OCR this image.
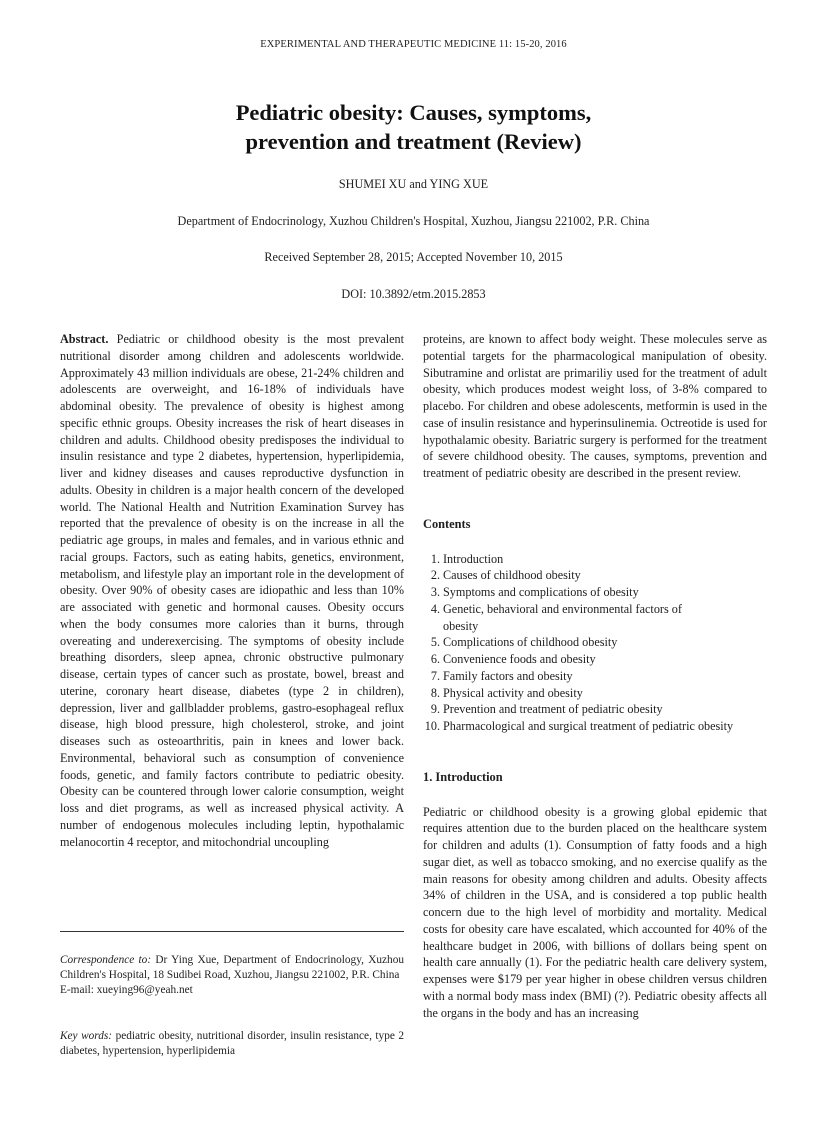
EXPERIMENTAL AND THERAPEUTIC MEDICINE 11: 15-20, 2016
Pediatric obesity: Causes, symptoms,
prevention and treatment (Review)
SHUMEI XU and YING XUE
Department of Endocrinology, Xuzhou Children's Hospital, Xuzhou, Jiangsu 221002, P.R. China
Received September 28, 2015; Accepted November 10, 2015
DOI: 10.3892/etm.2015.2853

Abstract. Pediatric or childhood obesity is the most prevalent nutritional disorder among children and adolescents worldwide. Approximately 43 million individuals are obese, 21-24% children and adolescents are overweight, and 16-18% of individuals have abdominal obesity. The prevalence of obesity is highest among specific ethnic groups. Obesity increases the risk of heart diseases in children and adults. Childhood obesity predisposes the individual to insulin resistance and type 2 diabetes, hypertension, hyperlipidemia, liver and kidney diseases and causes reproductive dysfunction in adults. Obesity in children is a major health concern of the developed world. The National Health and Nutrition Examination Survey has reported that the prevalence of obesity is on the increase in all the pediatric age groups, in males and females, and in various ethnic and racial groups. Factors, such as eating habits, genetics, environment, metabolism, and lifestyle play an important role in the development of obesity. Over 90% of obesity cases are idiopathic and less than 10% are associated with genetic and hormonal causes. Obesity occurs when the body consumes more calories than it burns, through overeating and underexercising. The symptoms of obesity include breathing disorders, sleep apnea, chronic obstructive pulmonary disease, certain types of cancer such as prostate, bowel, breast and uterine, coronary heart disease, diabetes (type 2 in children), depression, liver and gallbladder problems, gastro-esophageal reflux disease, high blood pressure, high cholesterol, stroke, and joint diseases such as osteoarthritis, pain in knees and lower back. Environmental, behavioral such as consumption of convenience foods, genetic, and family factors contribute to pediatric obesity. Obesity can be countered through lower calorie consumption, weight loss and diet programs, as well as increased physical activity. A number of endogenous molecules including leptin, hypothalamic melanocortin 4 receptor, and mitochondrial uncoupling

Correspondence to: Dr Ying Xue, Department of Endocrinology, Xuzhou Children's Hospital, 18 Sudibei Road, Xuzhou, Jiangsu 221002, P.R. China
E-mail: xueying96@yeah.net
Key words: pediatric obesity, nutritional disorder, insulin resistance, type 2 diabetes, hypertension, hyperlipidemia

proteins, are known to affect body weight. These molecules serve as potential targets for the pharmacological manipulation of obesity. Sibutramine and orlistat are primariliy used for the treatment of adult obesity, which produces modest weight loss, of 3-8% compared to placebo. For children and obese adolescents, metformin is used in the case of insulin resistance and hyperinsulinemia. Octreotide is used for hypothalamic obesity. Bariatric surgery is performed for the treatment of severe childhood obesity. The causes, symptoms, prevention and treatment of pediatric obesity are described in the present review.

Contents

1. Introduction
2. Causes of childhood obesity
3. Symptoms and complications of obesity
4. Genetic, behavioral and environmental factors of obesity
5. Complications of childhood obesity
6. Convenience foods and obesity
7. Family factors and obesity
8. Physical activity and obesity
9. Prevention and treatment of pediatric obesity
10. Pharmacological and surgical treatment of pediatric obesity

1. Introduction

Pediatric or childhood obesity is a growing global epidemic that requires attention due to the burden placed on the healthcare system for children and adults (1). Consumption of fatty foods and a high sugar diet, as well as tobacco smoking, and no exercise qualify as the main reasons for obesity among children and adults. Obesity affects 34% of children in the USA, and is considered a top public health concern due to the high level of morbidity and mortality. Medical costs for obesity care have escalated, which accounted for 40% of the healthcare budget in 2006, with billions of dollars being spent on health care annually (1). For the pediatric health care delivery system, expenses were $179 per year higher in obese children versus children with a normal body mass index (BMI) (?). Pediatric obesity affects all the organs in the body and has an increasing
